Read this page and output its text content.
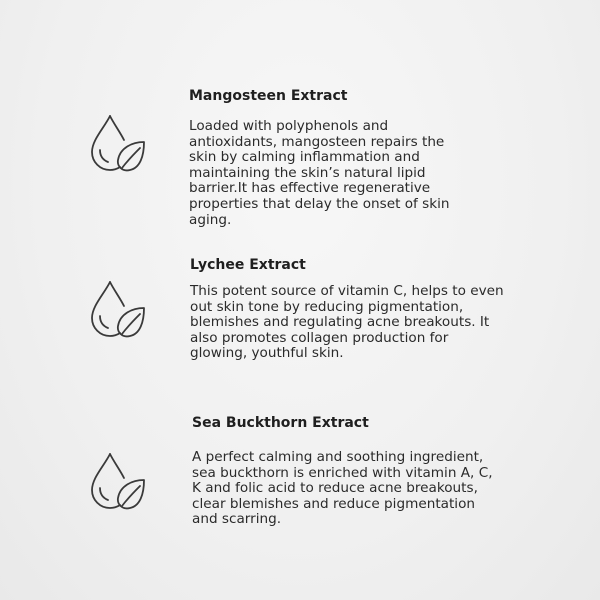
Mangosteen Extract
Loaded with polyphenols and
antioxidants, mangosteen repairs the
skin by calming inflammation and
maintaining the skin’s natural lipid
barrier.It has effective regenerative
properties that delay the onset of skin
aging.
Lychee Extract
This potent source of vitamin C, helps to even
out skin tone by reducing pigmentation,
blemishes and regulating acne breakouts. It
also promotes collagen production for
glowing, youthful skin.
Sea Buckthorn Extract
A perfect calming and soothing ingredient,
sea buckthorn is enriched with vitamin A, C,
K and folic acid to reduce acne breakouts,
clear blemishes and reduce pigmentation
and scarring.
